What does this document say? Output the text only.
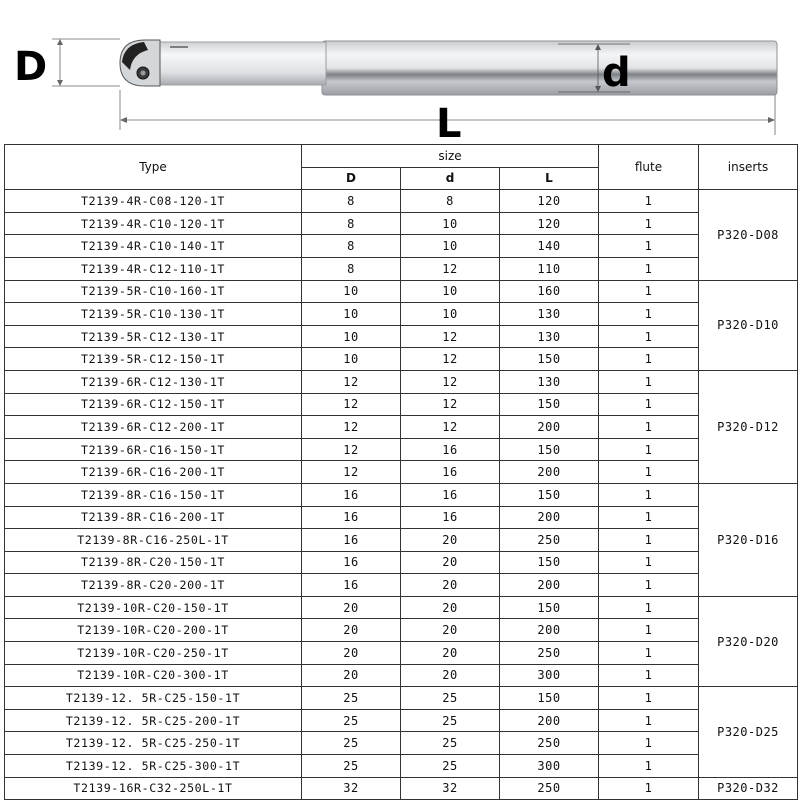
D	d
L
Type	size			flute	inserts
	D	d	L		
T2139-4R-C08-120-1T	8	8	120	1	P320-D08
T2139-4R-C10-120-1T	8	10	120	1	
T2139-4R-C10-140-1T	8	10	140	1	
T2139-4R-C12-110-1T	8	12	110	1	
T2139-5R-C10-160-1T	10	10	160	1	P320-D10
T2139-5R-C10-130-1T	10	10	130	1	
T2139-5R-C12-130-1T	10	12	130	1	
T2139-5R-C12-150-1T	10	12	150	1	
T2139-6R-C12-130-1T	12	12	130	1	P320-D12
T2139-6R-C12-150-1T	12	12	150	1	
T2139-6R-C12-200-1T	12	12	200	1	
T2139-6R-C16-150-1T	12	16	150	1	
T2139-6R-C16-200-1T	12	16	200	1	
T2139-8R-C16-150-1T	16	16	150	1	P320-D16
T2139-8R-C16-200-1T	16	16	200	1	
T2139-8R-C16-250L-1T	16	20	250	1	
T2139-8R-C20-150-1T	16	20	150	1	
T2139-8R-C20-200-1T	16	20	200	1	
T2139-10R-C20-150-1T	20	20	150	1	P320-D20
T2139-10R-C20-200-1T	20	20	200	1	
T2139-10R-C20-250-1T	20	20	250	1	
T2139-10R-C20-300-1T	20	20	300	1	
T2139-12. 5R-C25-150-1T	25	25	150	1	P320-D25
T2139-12. 5R-C25-200-1T	25	25	200	1	
T2139-12. 5R-C25-250-1T	25	25	250	1	
T2139-12. 5R-C25-300-1T	25	25	300	1	
T2139-16R-C32-250L-1T	32	32	250	1	P320-D32
